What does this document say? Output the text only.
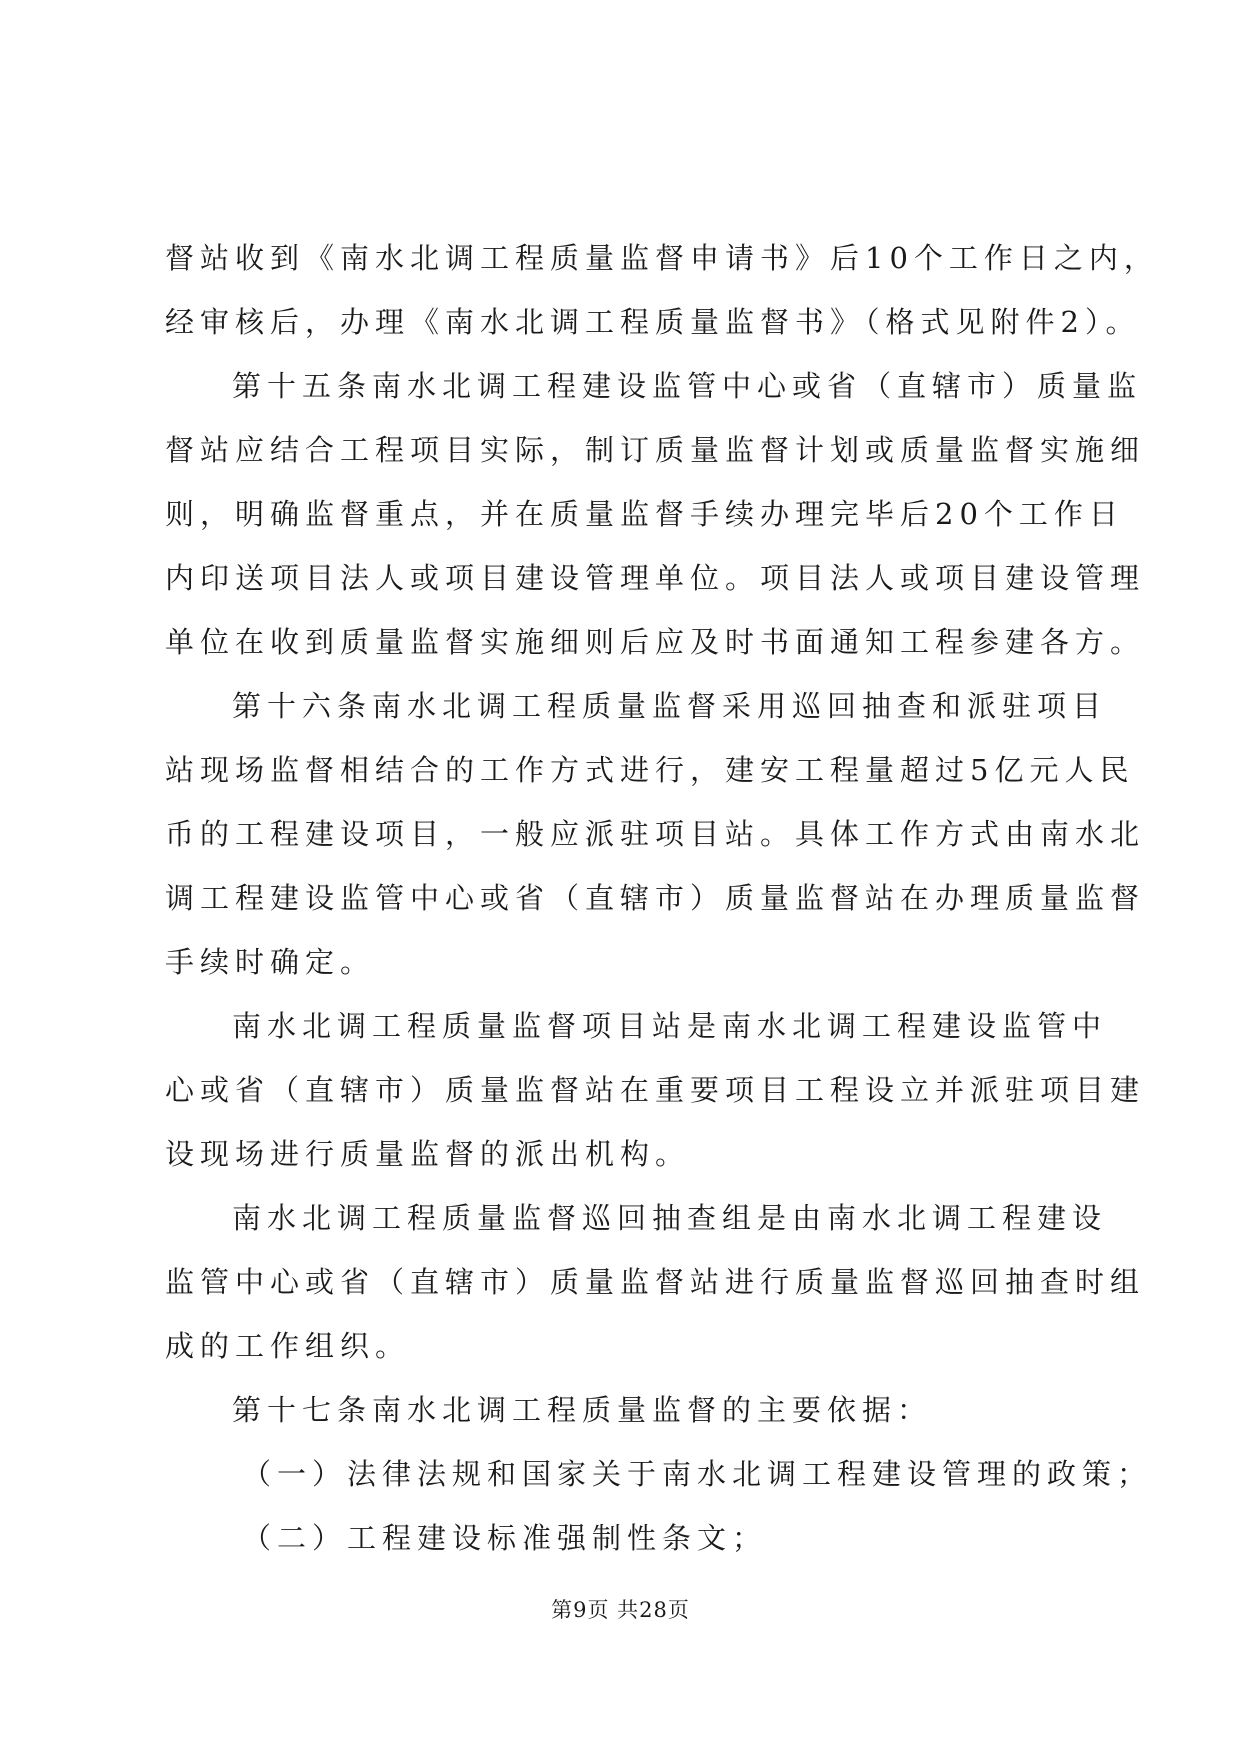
督站收到《南水北调工程质量监督申请书》后10个工作日之内，
经审核后，办理《南水北调工程质量监督书》（格式见附件2）。
第十五条南水北调工程建设监管中心或省（直辖市）质量监
督站应结合工程项目实际，制订质量监督计划或质量监督实施细
则，明确监督重点，并在质量监督手续办理完毕后20个工作日
内印送项目法人或项目建设管理单位。项目法人或项目建设管理
单位在收到质量监督实施细则后应及时书面通知工程参建各方。
第十六条南水北调工程质量监督采用巡回抽查和派驻项目
站现场监督相结合的工作方式进行，建安工程量超过5亿元人民
币的工程建设项目，一般应派驻项目站。具体工作方式由南水北
调工程建设监管中心或省（直辖市）质量监督站在办理质量监督
手续时确定。
南水北调工程质量监督项目站是南水北调工程建设监管中
心或省（直辖市）质量监督站在重要项目工程设立并派驻项目建
设现场进行质量监督的派出机构。
南水北调工程质量监督巡回抽查组是由南水北调工程建设
监管中心或省（直辖市）质量监督站进行质量监督巡回抽查时组
成的工作组织。
第十七条南水北调工程质量监督的主要依据：
（一）法律法规和国家关于南水北调工程建设管理的政策；
（二）工程建设标准强制性条文；
第9页 共28页
